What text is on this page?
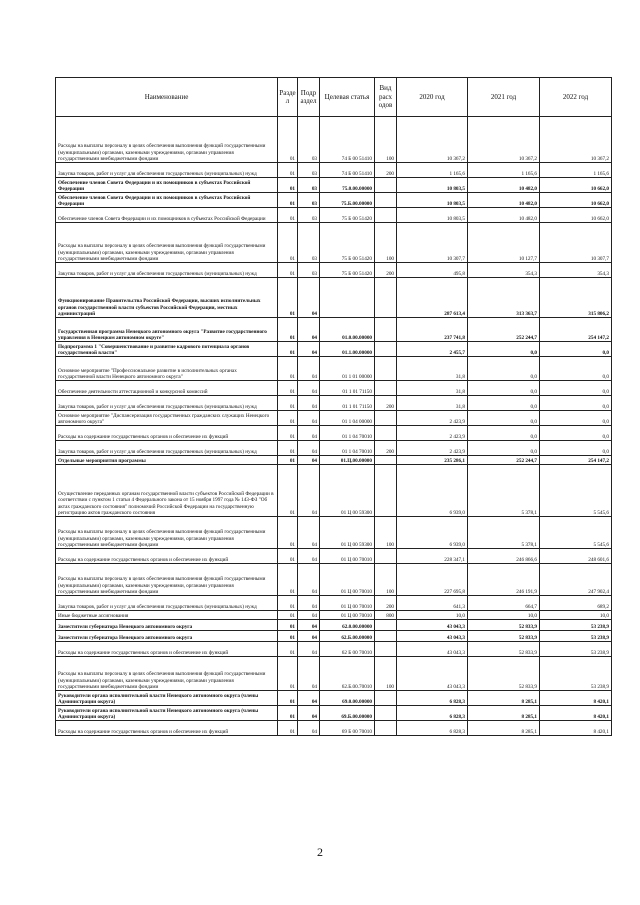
Наименование	Разде л	Подр аздел	Целевая статья	Вид расх одов	2020 год	2021 год	2022 год
Расходы на выплаты персоналу в целях обеспечения выполнения функций государственными (муниципальными) органами, казенными учреждениями, органами управления государственными внебюджетными фондами	01	03	74 Б 00 51410	100	10 367,2	10 367,2	10 367,2
Закупка товаров, работ и услуг для обеспечения государственных (муниципальных) нужд	01	03	74 Б 00 51410	200	1 165,6	1 165,6	1 165,6
Обеспечение членов Совета Федерации и их помощников в субъектах Российской Федерации	01	03	75.0.00.00000		10 803,5	10 482,0	10 662,0
Обеспечение членов Совета Федерации и их помощников в субъектах Российской Федерации	01	03	75.Б.00.00000		10 803,5	10 482,0	10 662,0
Обеспечение членов Совета Федерации и их помощников в субъектах Российской Федерации	01	03	75 Б 00 51420		10 803,5	10 482,0	10 662,0
Расходы на выплаты персоналу в целях обеспечения выполнения функций государственными (муниципальными) органами, казенными учреждениями, органами управления государственными внебюджетными фондами	01	03	75 Б 00 51420	100	10 307,7	10 127,7	10 307,7
Закупка товаров, работ и услуг для обеспечения государственных (муниципальных) нужд	01	03	75 Б 00 51420	200	495,8	354,3	354,3
Функционирование Правительства Российской Федерации, высших исполнительных органов государственной власти субъектов Российской Федерации, местных администраций	01	04			287 613,4	313 363,7	315 806,2
Государственная программа Ненецкого автономного округа "Развитие государственного управления в Ненецком автономном округе"	01	04	01.0.00.00000		237 741,8	252 244,7	254 147,2
Подпрограмма 1 "Совершенствование и развитие кадрового потенциала органов государственной власти"	01	04	01.1.00.00000		2 455,7	0,0	0,0
Основное мероприятие "Профессиональное развитие в исполнительных органах государственной власти Ненецкого автономного округа"	01	04	01 1 01 00000		31,8	0,0	0,0
Обеспечение деятельности аттестационной и конкурсной комиссий	01	04	01 1 01 71150		31,8	0,0	0,0
Закупка товаров, работ и услуг для обеспечения государственных (муниципальных) нужд	01	04	01 1 01 71150	200	31,8	0,0	0,0
Основное мероприятие "Диспансеризация государственных гражданских служащих Ненецкого автономного округа"	01	04	01 1 04 00000		2 423,9	0,0	0,0
Расходы на содержание государственных органов и обеспечение их функций	01	04	01 1 04 70010		2 423,9	0,0	0,0
Закупка товаров, работ и услуг для обеспечения государственных (муниципальных) нужд	01	04	01 1 04 70010	200	2 423,9	0,0	0,0
Отдельные мероприятия программы	01	04	01.Ц.00.00000		235 286,1	252 244,7	254 147,2
Осуществление переданных органам государственной власти субъектов Российской Федерации в соответствии с пунктом 1 статьи 4 Федерального закона от 15 ноября 1997 года № 143-ФЗ "Об актах гражданского состояния" полномочий Российской Федерации на государственную регистрацию актов гражданского состояния	01	04	01 Ц 00 59300		6 939,0	5 378,1	5 545,6
Расходы на выплаты персоналу в целях обеспечения выполнения функций государственными (муниципальными) органами, казенными учреждениями, органами управления государственными внебюджетными фондами	01	04	01 Ц 00 59300	100	6 939,0	5 378,1	5 545,6
Расходы на содержание государственных органов и обеспечение их функций	01	04	01 Ц 00 70010		228 347,1	246 866,6	248 601,6
Расходы на выплаты персоналу в целях обеспечения выполнения функций государственными (муниципальными) органами, казенными учреждениями, органами управления государственными внебюджетными фондами	01	04	01 Ц 00 70010	100	227 695,8	246 191,9	247 902,4
Закупка товаров, работ и услуг для обеспечения государственных (муниципальных) нужд	01	04	01 Ц 00 70010	200	641,3	664,7	689,2
Иные бюджетные ассигнования	01	04	01 Ц 00 70010	800	10,0	10,0	10,0
Заместители губернатора Ненецкого автономного округа	01	04	62.0.00.00000		43 043,3	52 833,9	53 238,9
Заместители губернатора Ненецкого автономного округа	01	04	62.Б.00.00000		43 043,3	52 833,9	53 238,9
Расходы на содержание государственных органов и обеспечение их функций	01	04	62 Б 00 70010		43 043,3	52 833,9	53 238,9
Расходы на выплаты персоналу в целях обеспечения выполнения функций государственными (муниципальными) органами, казенными учреждениями, органами управления государственными внебюджетными фондами	01	04	62.Б.00.70010	100	43 043,3	52 833,9	53 238,9
Руководители органа исполнительной власти Ненецкого автономного округа (члены Администрации округа)	01	04	69.0.00.00000		6 828,3	8 285,1	8 420,1
Руководители органа исполнительной власти Ненецкого автономного округа (члены Администрации округа)	01	04	69.Б.00.00000		6 828,3	8 285,1	8 420,1
Расходы на содержание государственных органов и обеспечение их функций	01	04	69 Б 00 70010		6 828,3	8 285,1	8 420,1
2
